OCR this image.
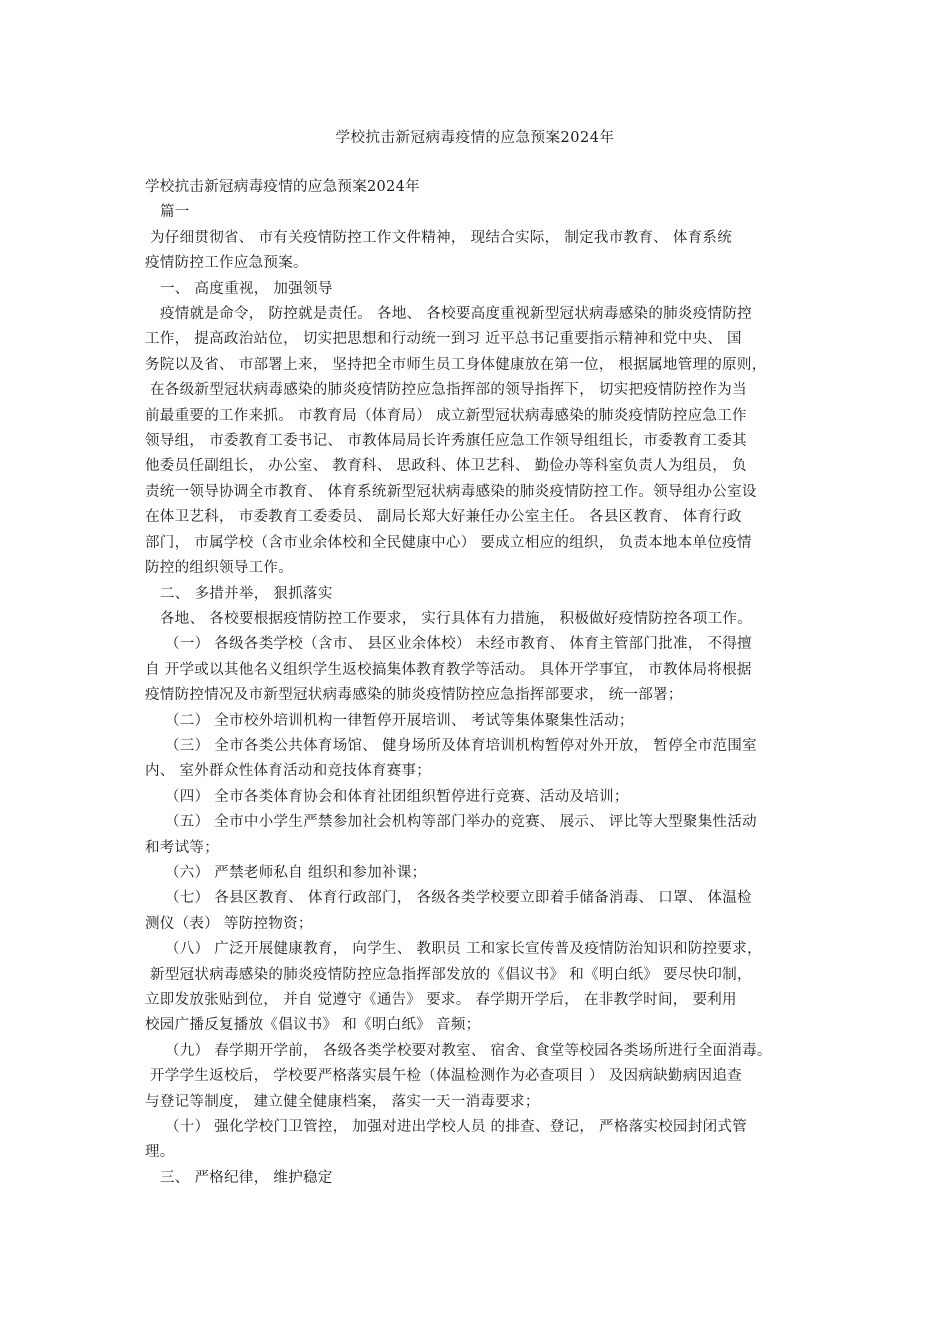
学校抗击新冠病毒疫情的应急预案2024年

学校抗击新冠病毒疫情的应急预案2024年

篇一

为仔细贯彻省、 市有关疫情防控工作文件精神， 现结合实际， 制定我市教育、 体育系统

疫情防控工作应急预案。

一、 高度重视， 加强领导

疫情就是命令， 防控就是责任。 各地、 各校要高度重视新型冠状病毒感染的肺炎疫情防控

工作， 提高政治站位， 切实把思想和行动统一到习 近平总书记重要指示精神和党中央、 国

务院以及省、 市部署上来， 坚持把全市师生员工身体健康放在第一位， 根据属地管理的原则，

在各级新型冠状病毒感染的肺炎疫情防控应急指挥部的领导指挥下， 切实把疫情防控作为当

前最重要的工作来抓。 市教育局（体育局） 成立新型冠状病毒感染的肺炎疫情防控应急工作

领导组， 市委教育工委书记、 市教体局局长许秀旗任应急工作领导组组长，市委教育工委其

他委员任副组长， 办公室、 教育科、 思政科、体卫艺科、 勤俭办等科室负责人为组员， 负

责统一领导协调全市教育、 体育系统新型冠状病毒感染的肺炎疫情防控工作。领导组办公室设

在体卫艺科， 市委教育工委委员、 副局长郑大好兼任办公室主任。 各县区教育、 体育行政

部门， 市属学校（含市业余体校和全民健康中心） 要成立相应的组织， 负责本地本单位疫情

防控的组织领导工作。

二、 多措并举， 狠抓落实

各地、 各校要根据疫情防控工作要求， 实行具体有力措施， 积极做好疫情防控各项工作。

（一） 各级各类学校（含市、 县区业余体校） 未经市教育、 体育主管部门批准， 不得擅

自 开学或以其他名义组织学生返校搞集体教育教学等活动。 具体开学事宜， 市教体局将根据

疫情防控情况及市新型冠状病毒感染的肺炎疫情防控应急指挥部要求， 统一部署；

（二） 全市校外培训机构一律暂停开展培训、 考试等集体聚集性活动；

（三） 全市各类公共体育场馆、 健身场所及体育培训机构暂停对外开放， 暂停全市范围室

内、 室外群众性体育活动和竞技体育赛事；

（四） 全市各类体育协会和体育社团组织暂停进行竞赛、活动及培训；

（五） 全市中小学生严禁参加社会机构等部门举办的竞赛、 展示、 评比等大型聚集性活动

和考试等；

（六） 严禁老师私自 组织和参加补课；

（七） 各县区教育、 体育行政部门， 各级各类学校要立即着手储备消毒、 口罩、 体温检

测仪（表） 等防控物资；

（八） 广泛开展健康教育， 向学生、 教职员 工和家长宣传普及疫情防治知识和防控要求，

新型冠状病毒感染的肺炎疫情防控应急指挥部发放的《倡议书》 和《明白纸》 要尽快印制，

立即发放张贴到位， 并自 觉遵守《通告》 要求。 春学期开学后， 在非教学时间， 要利用

校园广播反复播放《倡议书》 和《明白纸》 音频；

（九） 春学期开学前， 各级各类学校要对教室、 宿舍、食堂等校园各类场所进行全面消毒。

开学学生返校后， 学校要严格落实晨午检（体温检测作为必查项目 ） 及因病缺勤病因追查

与登记等制度， 建立健全健康档案， 落实一天一消毒要求；

（十） 强化学校门卫管控， 加强对进出学校人员 的排查、登记， 严格落实校园封闭式管

理。

三、 严格纪律， 维护稳定
